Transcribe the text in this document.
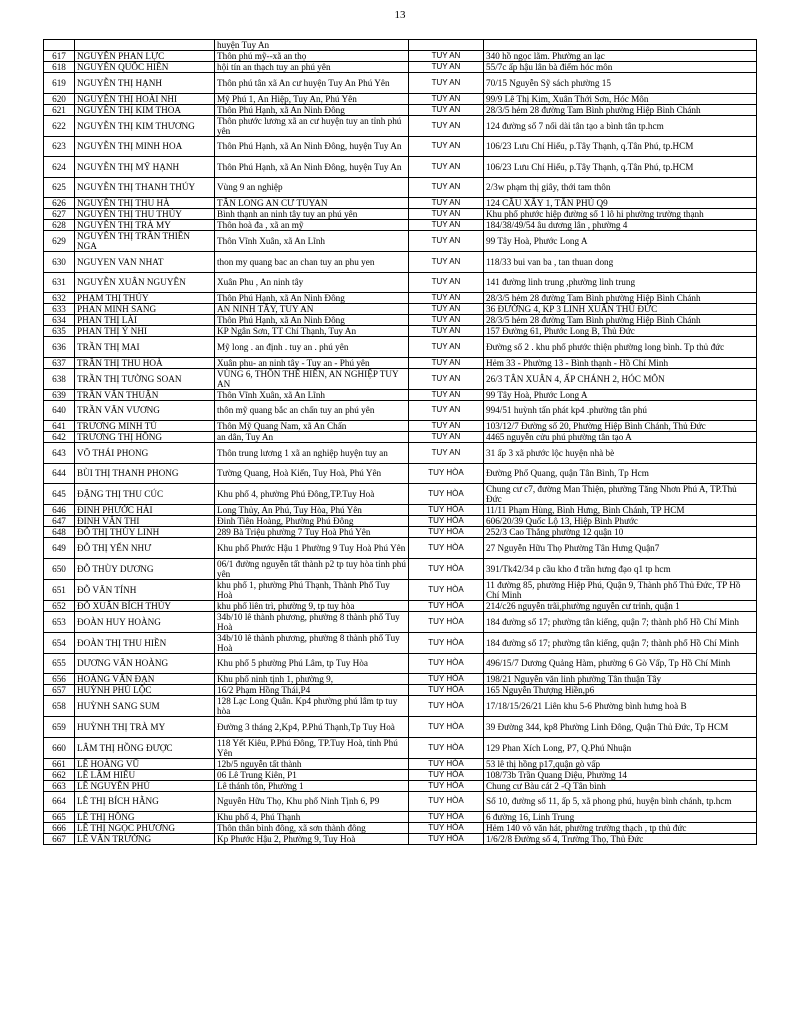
13
		huyện Tuy An		
617	NGUYỄN PHAN LỰC	Thôn phú mỹ--xã an thọ	TUY AN	340 hồ ngọc lãm. Phường an lạc
618	NGUYỄN QUỐC HIỀN	hội tín an thạch tuy an phú yên	TUY AN	55/7c ấp hậu lân bà điểm hóc môn
619	NGUYỄN THỊ HẠNH	Thôn phú tân xã An cư huyện Tuy An Phú Yên	TUY AN	70/15 Nguyễn Sỹ sách phường 15
620	NGUYỄN THỊ HOÀI NHI	Mỹ Phú 1, An Hiệp, Tuy An, Phú Yên	TUY AN	99/9 Lê Thị Kim, Xuân Thới Sơn, Hóc Môn
621	NGUYỄN THỊ KIM THOA	Thôn Phú Hạnh, xã An Ninh Đông	TUY AN	28/3/5 hẻm 28 đường Tam Bình phường Hiệp Bình Chánh
622	NGUYỄN THỊ KIM THƯƠNG	Thôn phước lương xã an cư huyện tuy an tỉnh phú yên	TUY AN	124 đường số 7 nối dài tân tạo a bình tân tp.hcm
623	NGUYỄN THỊ MINH HOA	Thôn Phú Hạnh, xã An Ninh Đông, huyện Tuy An	TUY AN	106/23 Lưu Chí Hiếu, p.Tây Thạnh, q.Tân Phú, tp.HCM
624	NGUYỄN THỊ MỸ HẠNH	Thôn Phú Hạnh, xã An Ninh Đông, huyện Tuy An	TUY AN	106/23 Lưu Chí Hiếu, p.Tây Thạnh, q.Tân Phú, tp.HCM
625	NGUYỄN THỊ THANH THÚY	Vùng 9 an nghiệp	TUY AN	2/3w phạm thị giây, thới tam thôn
626	NGUYỄN THỊ THU HÀ	TÂN LONG AN CƯ TUYAN	TUY AN	124 CẦU XÂY 1, TÂN PHÚ Q9
627	NGUYỄN THỊ THU THÚY	Bình thạnh an ninh tây tuy an phú yên	TUY AN	Khu phố phước hiệp đường số 1 lô hi phường trường thạnh
628	NGUYỄN THỊ TRÀ MY	Thôn hoà đa , xã an mỹ	TUY AN	184/38/49/54 âu dương lân , phường 4
629	NGUYỄN THỊ TRẦN THIÊN NGA	Thôn Vĩnh Xuân, xã An Lĩnh	TUY AN	99 Tây Hoà, Phước Long A
630	NGUYEN VAN NHAT	thon my quang bac an chan tuy an phu yen	TUY AN	118/33 bui van ba , tan thuan dong
631	NGUYỄN XUÂN NGUYÊN	Xuân Phu , An ninh tây	TUY AN	141 đường linh trung ,phường linh trung
632	PHẠM THỊ THÚY	Thôn Phú Hạnh, xã An Ninh Đông	TUY AN	28/3/5 hẻm 28 đường Tam Bình phường Hiệp Bình Chánh
633	PHAN MINH SANG	AN NINH TÂY, TUY AN	TUY AN	36 ĐƯỜNG 4, KP 3 LINH XUÂN THỦ ĐỨC
634	PHAN THỊ LÀI	Thôn Phú Hạnh, xã An Ninh Đông	TUY AN	28/3/5 hẻm 28 đường Tam Bình phường Hiệp Bình Chánh
635	PHAN THỊ Ý NHI	KP Ngân Sơn, TT Chí Thạnh, Tuy An	TUY AN	157 Đường 61, Phước Long B, Thủ Đức
636	TRẦN THỊ MAI	Mỹ long . an định . tuy an . phú yên	TUY AN	Đường số 2 . khu phố phước thiện phường long bình. Tp thủ đức
637	TRẦN THỊ THU HOÀ	Xuân phu- an ninh tây - Tuy an - Phú yên	TUY AN	Hẻm 33 - Phường 13 - Bình thạnh - Hồ Chí Minh
638	TRẦN THỊ TƯỜNG SOAN	VÙNG 6, THÔN THẾ HIÊN, AN NGHIỆP TUY AN	TUY AN	26/3 TÂN XUÂN 4, ẤP CHÁNH 2, HÓC MÔN
639	TRẦN VĂN THUẬN	Thôn Vĩnh Xuân, xã An Lĩnh	TUY AN	99 Tây Hoà, Phước Long A
640	TRẦN VĂN VƯƠNG	thôn mỹ quang bắc an chấn tuy an phú yên	TUY AN	994/51 huỳnh tấn phát kp4 .phường tân phú
641	TRƯƠNG MINH TÚ	Thôn Mỹ Quang Nam, xã An Chấn	TUY AN	103/12/7 Đường số 20, Phường Hiệp Bình Chánh, Thủ Đức
642	TRƯƠNG THỊ HỒNG	an dân, Tuy An	TUY AN	4465 nguyễn cửu phú phường tân tạo A
643	VÕ THÁI PHONG	Thôn trung lương 1 xã an nghiệp huyện tuy an	TUY AN	31 ấp 3 xã phước lộc huyện nhà bè
644	BÙI THỊ THANH PHONG	Tường Quang, Hoà Kiến, Tuy Hoà, Phú Yên	TUY HÒA	Đường Phổ Quang, quận Tân Bình, Tp Hcm
645	ĐẶNG THỊ THU CÚC	Khu phố 4, phường Phú Đông,TP.Tuy Hoà	TUY HÒA	Chung cư c7, đường Man Thiện, phường Tăng Nhơn Phú A, TP.Thủ Đức
646	ĐINH PHƯỚC HẢI	Long Thủy, An Phú, Tuy Hòa, Phú Yên	TUY HÒA	11/11 Phạm Hùng, Bình Hưng, Bình Chánh, TP HCM
647	ĐINH VĂN THI	Đinh Tiên Hoàng, Phường Phú Đông	TUY HÒA	606/20/39 Quốc Lộ 13, Hiệp Bình Phước
648	ĐỖ THỊ THÙY LINH	289 Bà Triệu phường 7 Tuy Hoà Phú Yên	TUY HÒA	252/3 Cao Thắng phường 12 quận 10
649	ĐỖ THỊ YẾN NHƯ	Khu phố Phước Hậu 1 Phường 9 Tuy Hoà Phú Yên	TUY HÒA	27 Nguyễn Hữu Thọ Phường Tân Hưng Quận7
650	ĐỖ THÙY DƯƠNG	06/1 đường nguyễn tất thành p2 tp tuy hòa tỉnh phú yên	TUY HÒA	391/Tk42/34 p cầu kho đ trần hưng đạo q1 tp hcm
651	ĐỖ VĂN TÍNH	khu phố 1, phường Phú Thạnh, Thành Phố Tuy Hoà	TUY HÒA	11 đường 85, phường Hiệp Phú, Quận 9, Thành phố Thủ Đức, TP Hồ Chí Minh
652	ĐỖ XUÂN BÍCH THỦY	khu phố liên trì, phường 9, tp tuy hòa	TUY HÒA	214/c26 nguyễn trãi,phường nguyễn cư trinh, quận 1
653	ĐOÀN HUY HOÀNG	34b/10 lê thành phương, phường 8 thành phố Tuy Hoà	TUY HÒA	184 đường số 17; phường tân kiểng, quận 7; thành phố Hồ Chí Minh
654	ĐOÀN THỊ THU HIỀN	34b/10 lê thành phương, phường 8 thành phố Tuy Hoà	TUY HÒA	184 đường số 17; phường tân kiểng, quận 7; thành phố Hồ Chí Minh
655	DƯƠNG VĂN HOÀNG	Khu phố 5 phường Phú Lâm, tp Tuy Hòa	TUY HÒA	496/15/7 Dương Quảng Hàm, phường 6 Gò Vấp, Tp Hồ Chí Minh
656	HOÀNG VĂN ĐẠN	Khu phố ninh tịnh 1, phường 9,	TUY HÒA	198/21 Nguyễn văn linh phường Tân thuận Tây
657	HUỲNH PHÚ LỘC	16/2 Phạm Hồng Thái,P4	TUY HÒA	165 Nguyễn Thượng Hiền,p6
658	HUỲNH SANG SUM	128 Lạc Long Quân. Kp4 phường phú lâm tp tuy hòa	TUY HÒA	17/18/15/26/21 Liên khu 5-6 Phường bình hưng hoà B
659	HUỲNH THỊ TRÀ MY	Đường 3 tháng 2,Kp4, P.Phú Thạnh,Tp Tuy Hoà	TUY HÒA	39 Đường 344, kp8 Phường Linh Đông, Quận Thủ Đức, Tp HCM
660	LÂM THỊ HỒNG ĐƯỢC	118 Yết Kiêu, P.Phú Đông, TP.Tuy Hoà, tỉnh Phú Yên	TUY HÒA	129 Phan Xích Long, P7, Q.Phú Nhuận
661	LÊ HOÀNG VŨ	12b/5 nguyễn tất thành	TUY HÒA	53 lê thị hồng p17,quận gò vấp
662	LÊ LÂM HIẾU	06 Lê Trung Kiên, P1	TUY HÒA	108/73b Trần Quang Diệu, Phường 14
663	LÊ NGUYÊN PHÚ	Lê thánh tôn, Phường 1	TUY HÒA	Chung cư Bàu cát 2 -Q Tân bình
664	LÊ THỊ BÍCH HẰNG	Nguyễn Hữu Thọ, Khu phố Ninh Tịnh 6, P9	TUY HÒA	Số 10, đường số 11, ấp 5, xã phong phú, huyện bình chánh, tp.hcm
665	LÊ THỊ HỒNG	Khu phố 4, Phú Thạnh	TUY HÒA	6 đường 16, Linh Trung
666	LÊ THỊ NGỌC PHƯƠNG	Thôn thân bình đông, xã sơn thành đông	TUY HÒA	Hẻm 140 võ văn hát, phường trường thạch , tp thủ đức
667	LÊ VĂN TRƯỜNG	Kp Phước Hậu 2, Phường 9, Tuy Hoà	TUY HÒA	1/6/2/8 Đường số 4, Trường Thọ, Thủ Đức
